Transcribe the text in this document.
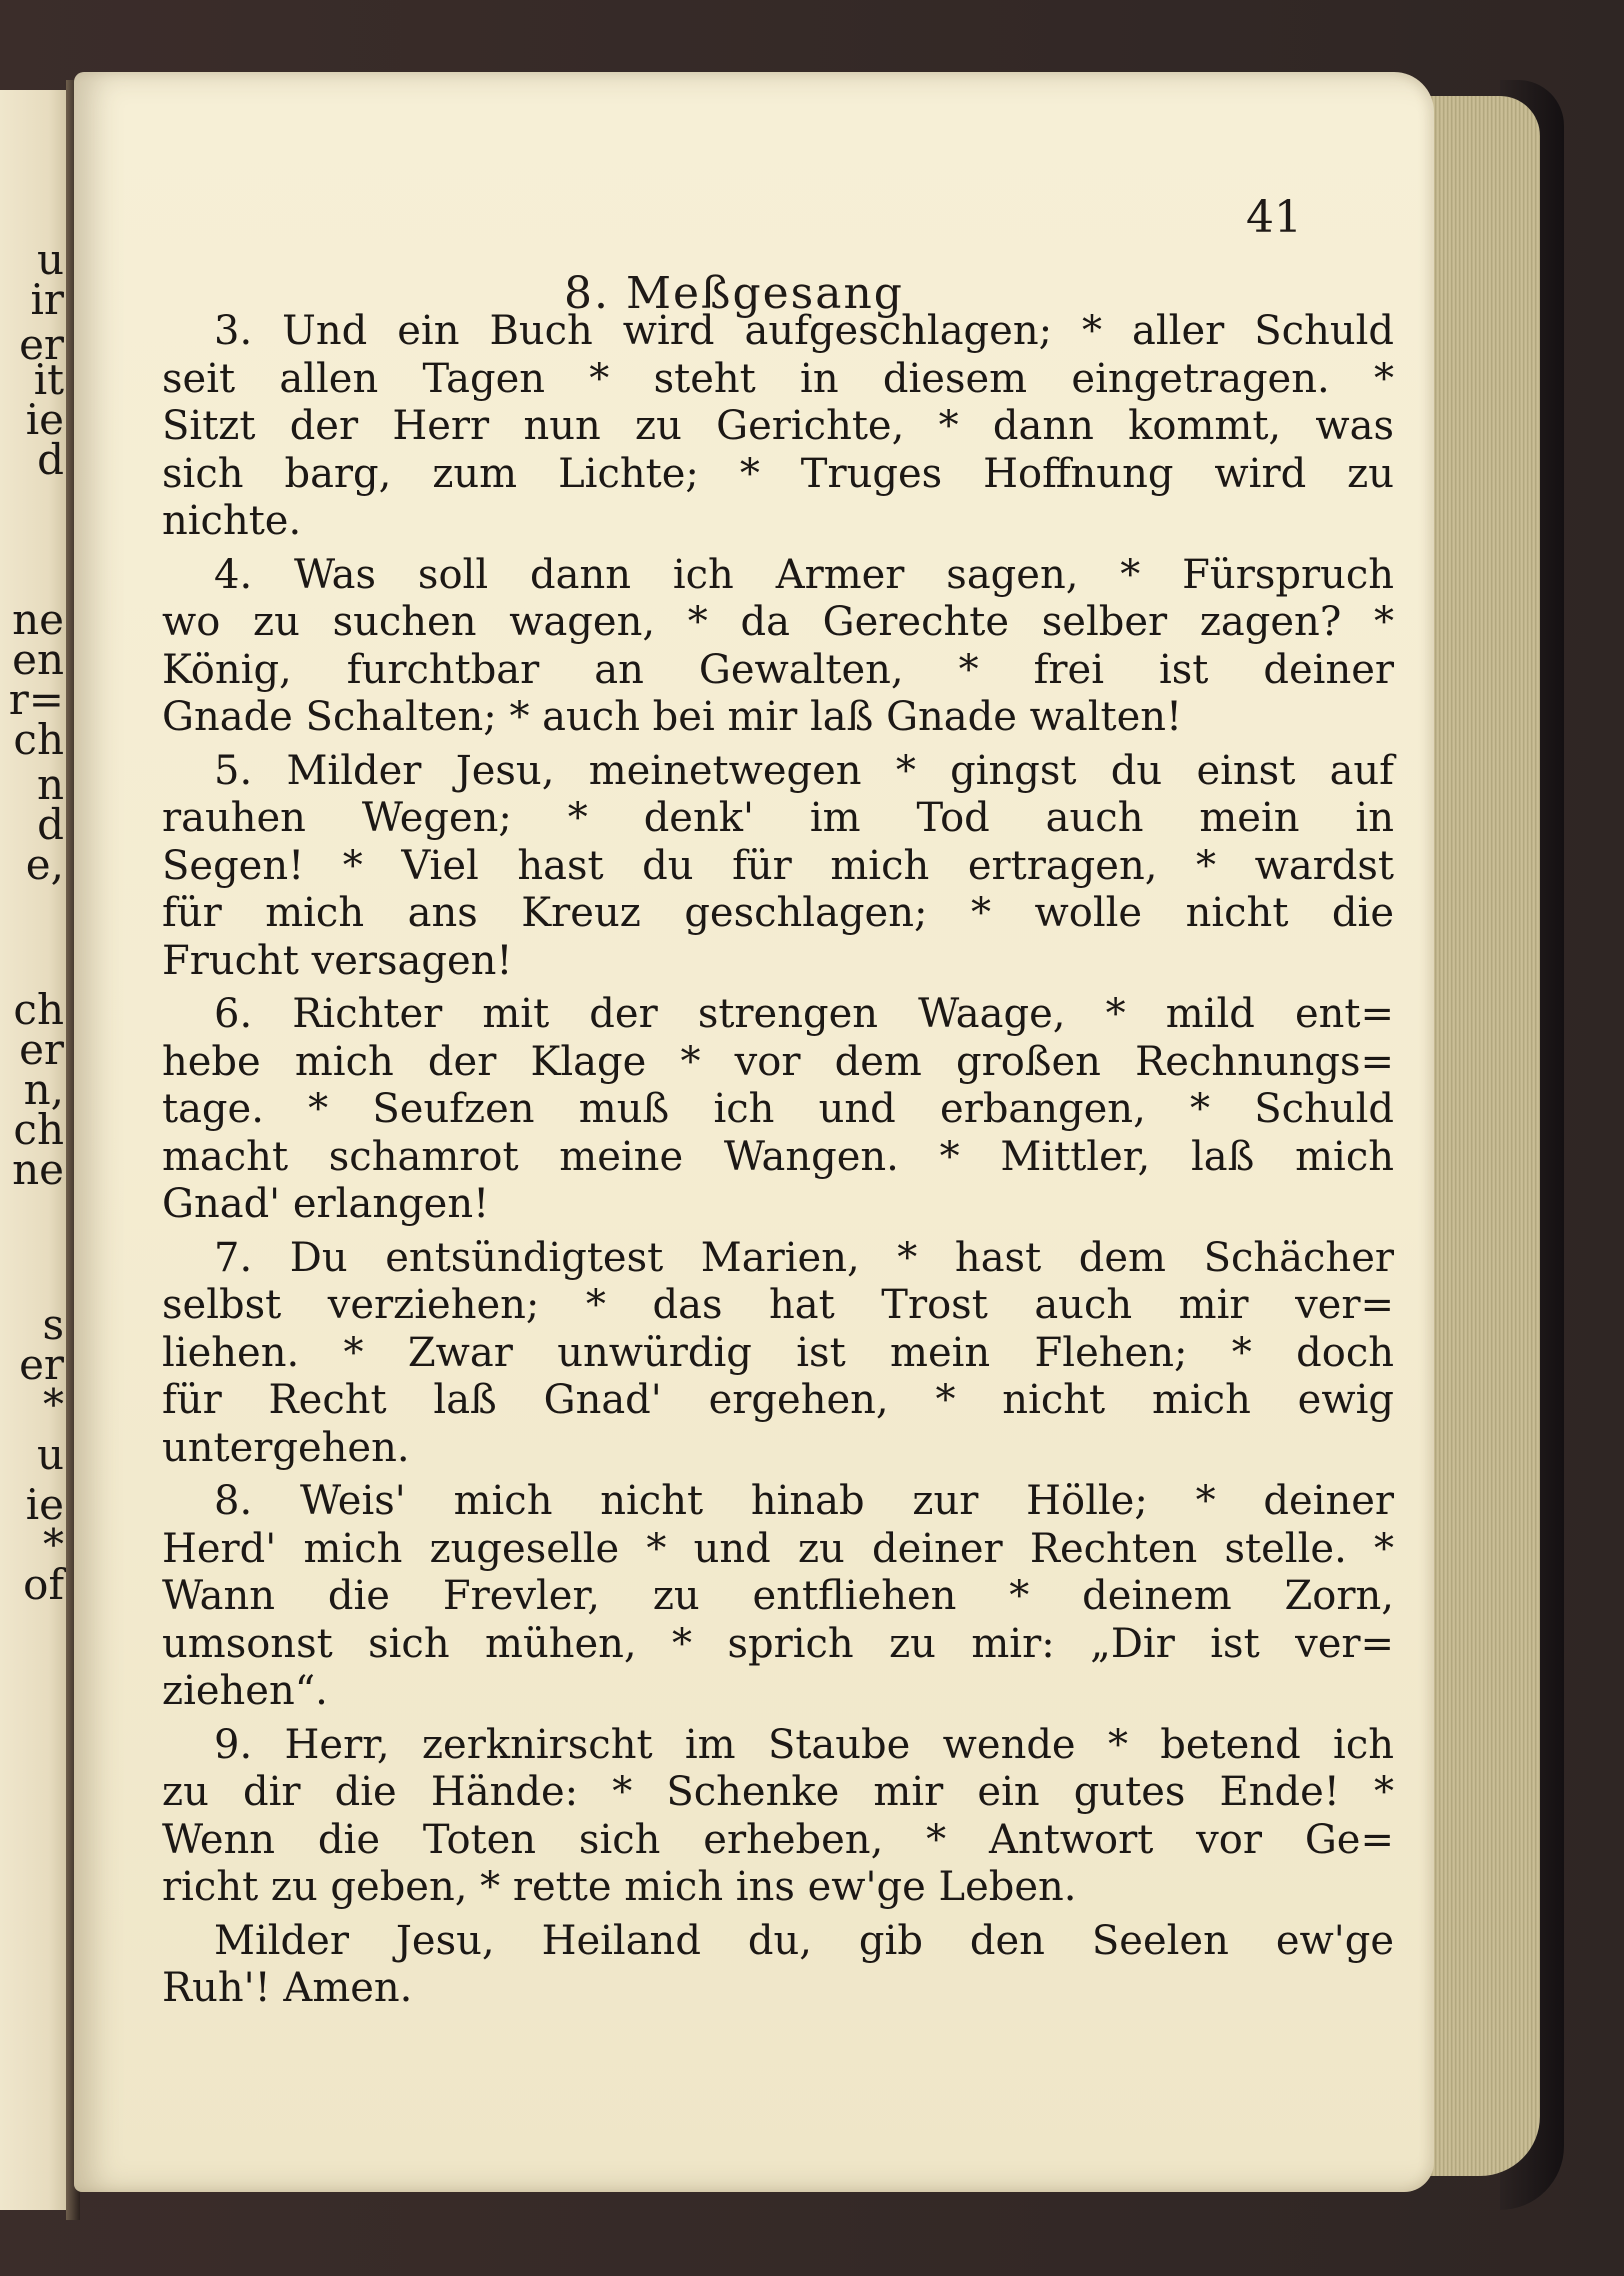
u
ir
er
it
ie
d
ne
en
r=
ch
n
d
e,
ch
er
n,
ch
ne
s
er
*
u
ie
*
of
8. Meßgesang
41
3. Und ein Buch wird aufgeschlagen; * aller Schuld
seit allen Tagen * steht in diesem eingetragen. *
Sitzt der Herr nun zu Gerichte, * dann kommt, was
sich barg, zum Lichte; * Truges Hoffnung wird zu
nichte.
4. Was soll dann ich Armer sagen, * Fürspruch
wo zu suchen wagen, * da Gerechte selber zagen? *
König, furchtbar an Gewalten, * frei ist deiner
Gnade Schalten; * auch bei mir laß Gnade walten!
5. Milder Jesu, meinetwegen * gingst du einst auf
rauhen Wegen; * denk' im Tod auch mein in
Segen! * Viel hast du für mich ertragen, * wardst
für mich ans Kreuz geschlagen; * wolle nicht die
Frucht versagen!
6. Richter mit der strengen Waage, * mild ent=
hebe mich der Klage * vor dem großen Rechnungs=
tage. * Seufzen muß ich und erbangen, * Schuld
macht schamrot meine Wangen. * Mittler, laß mich
Gnad' erlangen!
7. Du entsündigtest Marien, * hast dem Schächer
selbst verziehen; * das hat Trost auch mir ver=
liehen. * Zwar unwürdig ist mein Flehen; * doch
für Recht laß Gnad' ergehen, * nicht mich ewig
untergehen.
8. Weis' mich nicht hinab zur Hölle; * deiner
Herd' mich zugeselle * und zu deiner Rechten stelle. *
Wann die Frevler, zu entfliehen * deinem Zorn,
umsonst sich mühen, * sprich zu mir: „Dir ist ver=
ziehen“.
9. Herr, zerknirscht im Staube wende * betend ich
zu dir die Hände: * Schenke mir ein gutes Ende! *
Wenn die Toten sich erheben, * Antwort vor Ge=
richt zu geben, * rette mich ins ew'ge Leben.
Milder Jesu, Heiland du, gib den Seelen ew'ge
Ruh'! Amen.
